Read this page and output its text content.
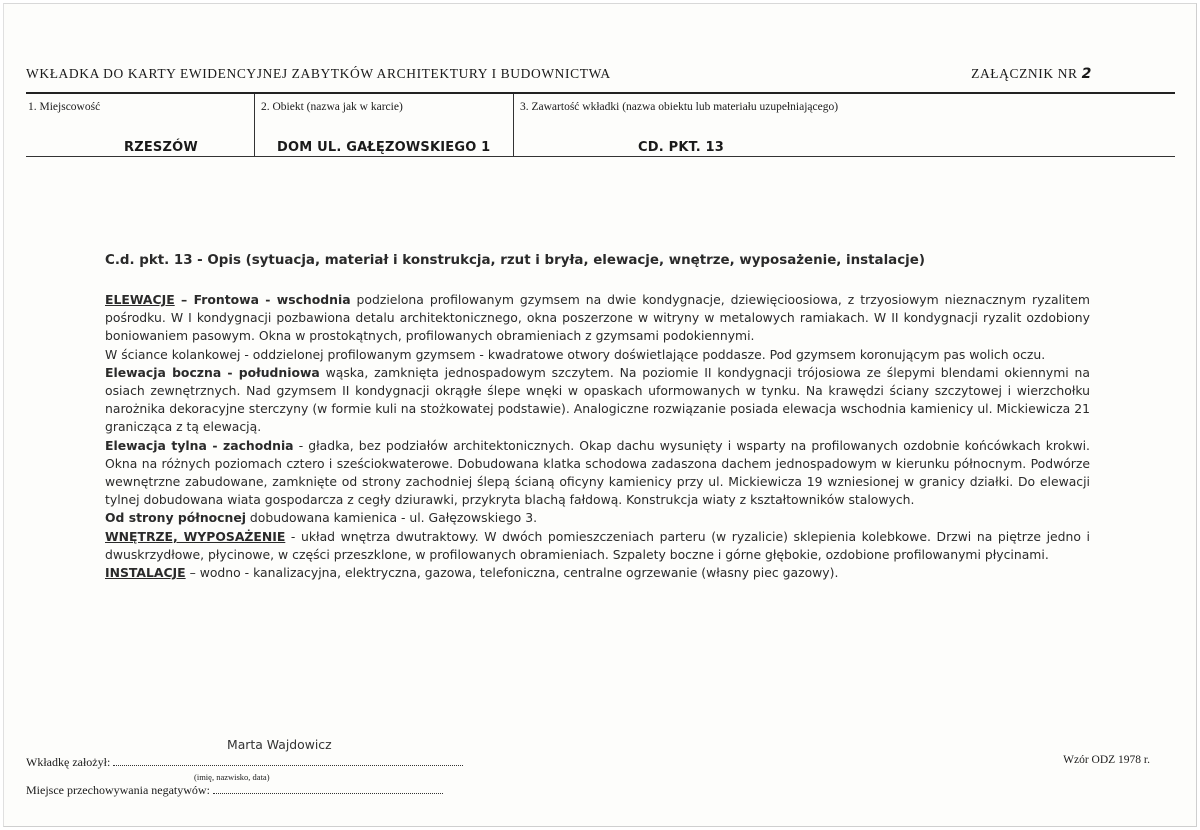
WKŁADKA DO KARTY EWIDENCYJNEJ ZABYTKÓW ARCHITEKTURY I BUDOWNICTWA	ZAŁĄCZNIK NR 2
1. Miejscowość	2. Obiekt (nazwa jak w karcie)	3. Zawartość wkładki (nazwa obiektu lub materiału uzupełniającego)
RZESZÓW	DOM UL. GAŁĘZOWSKIEGO 1	CD. PKT. 13
C.d. pkt. 13 - Opis (sytuacja, materiał i konstrukcja, rzut i bryła, elewacje, wnętrze, wyposażenie, instalacje)

ELEWACJE – Frontowa - wschodnia podzielona profilowanym gzymsem na dwie kondygnacje, dziewięcioosiowa, z trzyosiowym nieznacznym ryzalitem pośrodku. W I kondygnacji pozbawiona detalu architektonicznego, okna poszerzone w witryny w metalowych ramiakach. W II kondygnacji ryzalit ozdobiony boniowaniem pasowym. Okna w prostokątnych, profilowanych obramieniach z gzymsami podokiennymi.

W ściance kolankowej - oddzielonej profilowanym gzymsem - kwadratowe otwory doświetlające poddasze. Pod gzymsem koronującym pas wolich oczu.

Elewacja boczna - południowa wąska, zamknięta jednospadowym szczytem. Na poziomie II kondygnacji trójosiowa ze ślepymi blendami okiennymi na osiach zewnętrznych. Nad gzymsem II kondygnacji okrągłe ślepe wnęki w opaskach uformowanych w tynku. Na krawędzi ściany szczytowej i wierzchołku narożnika dekoracyjne sterczyny (w formie kuli na stożkowatej podstawie). Analogiczne rozwiązanie posiada elewacja wschodnia kamienicy ul. Mickiewicza 21 granicząca z tą elewacją.

Elewacja tylna - zachodnia - gładka, bez podziałów architektonicznych. Okap dachu wysunięty i wsparty na profilowanych ozdobnie końcówkach krokwi. Okna na różnych poziomach cztero i sześciokwaterowe. Dobudowana klatka schodowa zadaszona dachem jednospadowym w kierunku północnym. Podwórze wewnętrzne zabudowane, zamknięte od strony zachodniej ślepą ścianą oficyny kamienicy przy ul. Mickiewicza 19 wzniesionej w granicy działki. Do elewacji tylnej dobudowana wiata gospodarcza z cegły dziurawki, przykryta blachą fałdową. Konstrukcja wiaty z kształtowników stalowych.

Od strony północnej dobudowana kamienica - ul. Gałęzowskiego 3.

WNĘTRZE, WYPOSAŻENIE - układ wnętrza dwutraktowy. W dwóch pomieszczeniach parteru (w ryzalicie) sklepienia kolebkowe. Drzwi na piętrze jedno i dwuskrzydłowe, płycinowe, w części przeszklone, w profilowanych obramieniach. Szpalety boczne i górne głębokie, ozdobione profilowanymi płycinami.

INSTALACJE – wodno - kanalizacyjna, elektryczna, gazowa, telefoniczna, centralne ogrzewanie (własny piec gazowy).

Marta Wajdowicz
Wkładkę założył:
(imię, nazwisko, data)
Miejsce przechowywania negatywów:
Wzór ODZ 1978 r.
